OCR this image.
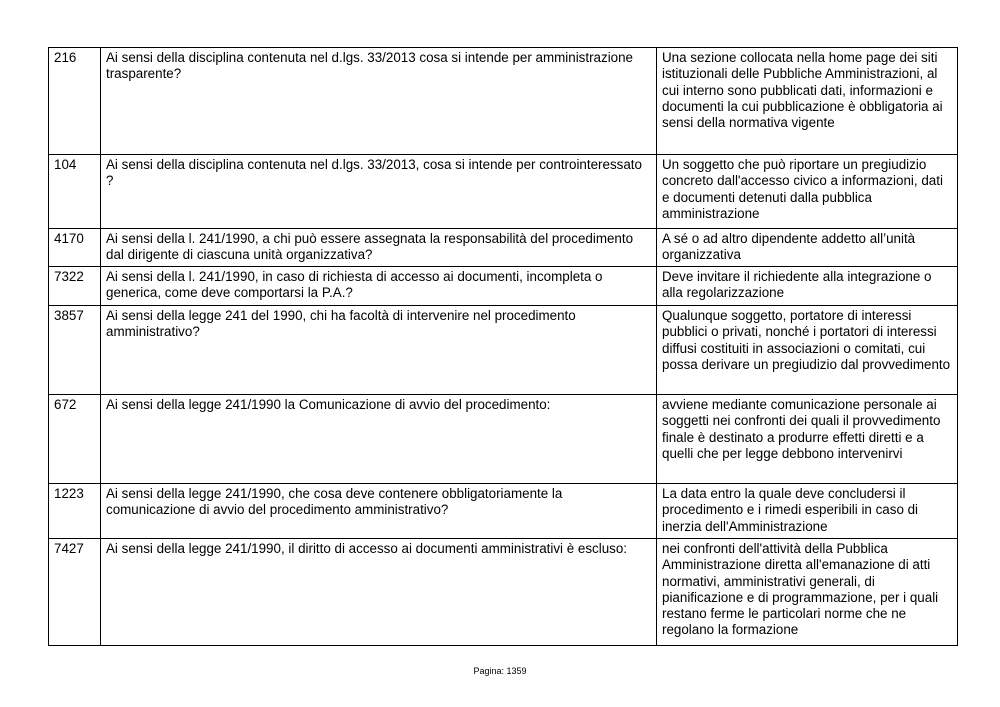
216	Ai sensi della disciplina contenuta nel d.lgs. 33/2013 cosa si intende per amministrazione trasparente?	Una sezione collocata nella home page dei siti istituzionali delle Pubbliche Amministrazioni, al cui interno sono pubblicati dati, informazioni e documenti la cui pubblicazione è obbligatoria ai sensi della normativa vigente
104	Ai sensi della disciplina contenuta nel d.lgs. 33/2013, cosa si intende per controinteressato ?	Un soggetto che può riportare un pregiudizio concreto dall'accesso civico a informazioni, dati e documenti detenuti dalla pubblica amministrazione
4170	Ai sensi della l. 241/1990, a chi può essere assegnata la responsabilità del procedimento dal dirigente di ciascuna unità organizzativa?	A sé o ad altro dipendente addetto all’unità organizzativa
7322	Ai sensi della l. 241/1990, in caso di richiesta di accesso ai documenti, incompleta o generica, come deve comportarsi la P.A.?	Deve invitare il richiedente alla integrazione o alla regolarizzazione
3857	Ai sensi della legge 241 del 1990, chi ha facoltà di intervenire nel procedimento amministrativo?	Qualunque soggetto, portatore di interessi pubblici o privati, nonché i portatori di interessi diffusi costituiti in associazioni o comitati, cui possa derivare un pregiudizio dal provvedimento
672	Ai sensi della legge 241/1990 la Comunicazione di avvio del procedimento:	avviene mediante comunicazione personale ai soggetti nei confronti dei quali il provvedimento finale è destinato a produrre effetti diretti e a quelli che per legge debbono intervenirvi
1223	Ai sensi della legge 241/1990, che cosa deve contenere obbligatoriamente la comunicazione di avvio del procedimento amministrativo?	La data entro la quale deve concludersi il procedimento e i rimedi esperibili in caso di inerzia dell'Amministrazione
7427	Ai sensi della legge 241/1990, il diritto di accesso ai documenti amministrativi è escluso:	nei confronti dell'attività della Pubblica Amministrazione diretta all'emanazione di atti normativi, amministrativi generali, di pianificazione e di programmazione, per i quali restano ferme le particolari norme che ne regolano la formazione
Pagina: 1359
